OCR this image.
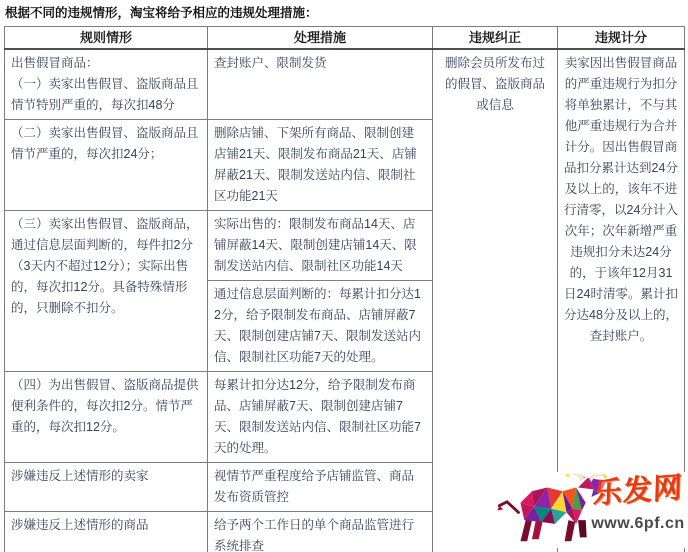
根据不同的违规情形，淘宝将给予相应的违规处理措施：
规则情形	处理措施	违规纠正	违规计分

出售假冒商品：
（一）卖家出售假冒、盗版商品且情节特别严重的，每次扣48分	查封账户、限制发货	删除会员所发布过的假冒、盗版商品或信息	卖家因出售假冒商品的严重违规行为扣分将单独累计，不与其他严重违规行为合并计分。因出售假冒商品扣分累计达到24分及以上的，该年不进行清零，以24分计入次年；次年新增严重违规扣分未达24分的，于该年12月31日24时清零。累计扣分达48分及以上的，查封账户。
（二）卖家出售假冒、盗版商品且情节严重的，每次扣24分；	删除店铺、下架所有商品、限制创建店铺21天、限制发布商品21天、店铺屏蔽21天、限制发送站内信、限制社区功能21天		
（三）卖家出售假冒、盗版商品，通过信息层面判断的，每件扣2分（3天内不超过12分）；实际出售的，每次扣12分。具备特殊情形的，只删除不扣分。	实际出售的：限制发布商品14天、店铺屏蔽14天、限制创建店铺14天、限制发送站内信、限制社区功能14天		
	通过信息层面判断的：每累计扣分达12分，给予限制发布商品、店铺屏蔽7天、限制创建店铺7天、限制发送站内信、限制社区功能7天的处理。		
（四）为出售假冒、盗版商品提供便利条件的，每次扣2分。情节严重的，每次扣12分。	每累计扣分达12分，给予限制发布商品、店铺屏蔽7天、限制创建店铺7天、限制发送站内信、限制社区功能7天的处理。		
涉嫌违反上述情形的卖家	视情节严重程度给予店铺监管、商品发布资质管控		
涉嫌违反上述情形的商品	给予两个工作日的单个商品监管进行系统排查		
乐发网
www.6pf.cn
